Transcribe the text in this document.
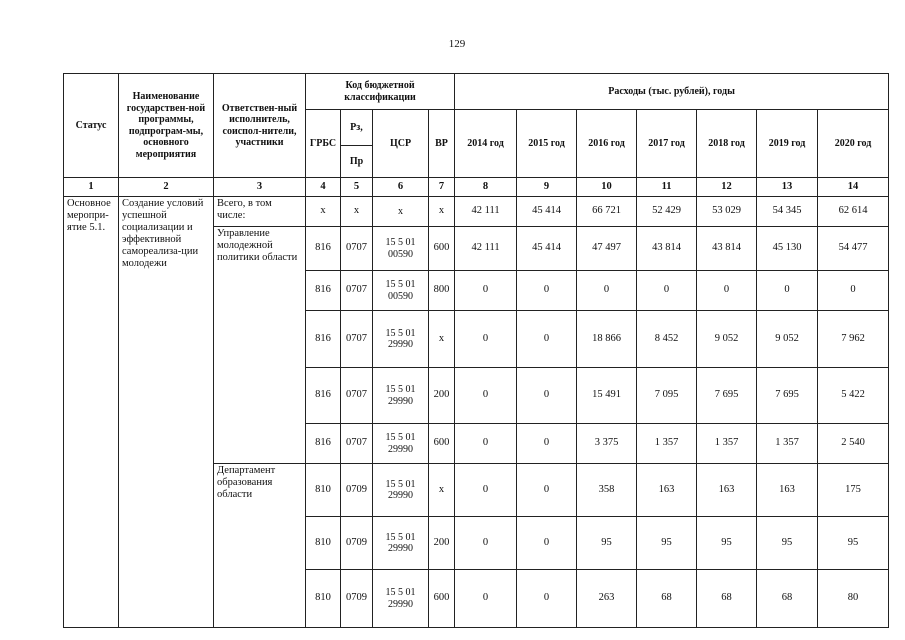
129
Статус	Наименование государствен-ной программы, подпрограм-мы, основного мероприятия	Ответствен-ный исполнитель, соиспол-нители, участники	Код бюджетной классификации				Расходы (тыс. рублей), годы						
			ГРБС	Рз,	ЦСР	ВР	2014 год	2015 год	2016 год	2017 год	2018 год	2019 год	2020 год
				Пр									
1	2	3	4	5	6	7	8	9	10	11	12	13	14
Основное меропри-ятие 5.1.	Создание условий успешной социализации и эффективной самореализа-ции молодежи	Всего, в том числе:	x	x	x	x	42 111	45 414	66 721	52 429	53 029	54 345	62 614
		Управление молодежной политики области	816	0707	15 5 01 00590	600	42 111	45 414	47 497	43 814	43 814	45 130	54 477
			816	0707	15 5 01 00590	800	0	0	0	0	0	0	0
			816	0707	15 5 01 29990	x	0	0	18 866	8 452	9 052	9 052	7 962
			816	0707	15 5 01 29990	200	0	0	15 491	7 095	7 695	7 695	5 422
			816	0707	15 5 01 29990	600	0	0	3 375	1 357	1 357	1 357	2 540
		Департамент образования области	810	0709	15 5 01 29990	x	0	0	358	163	163	163	175
			810	0709	15 5 01 29990	200	0	0	95	95	95	95	95
			810	0709	15 5 01 29990	600	0	0	263	68	68	68	80
